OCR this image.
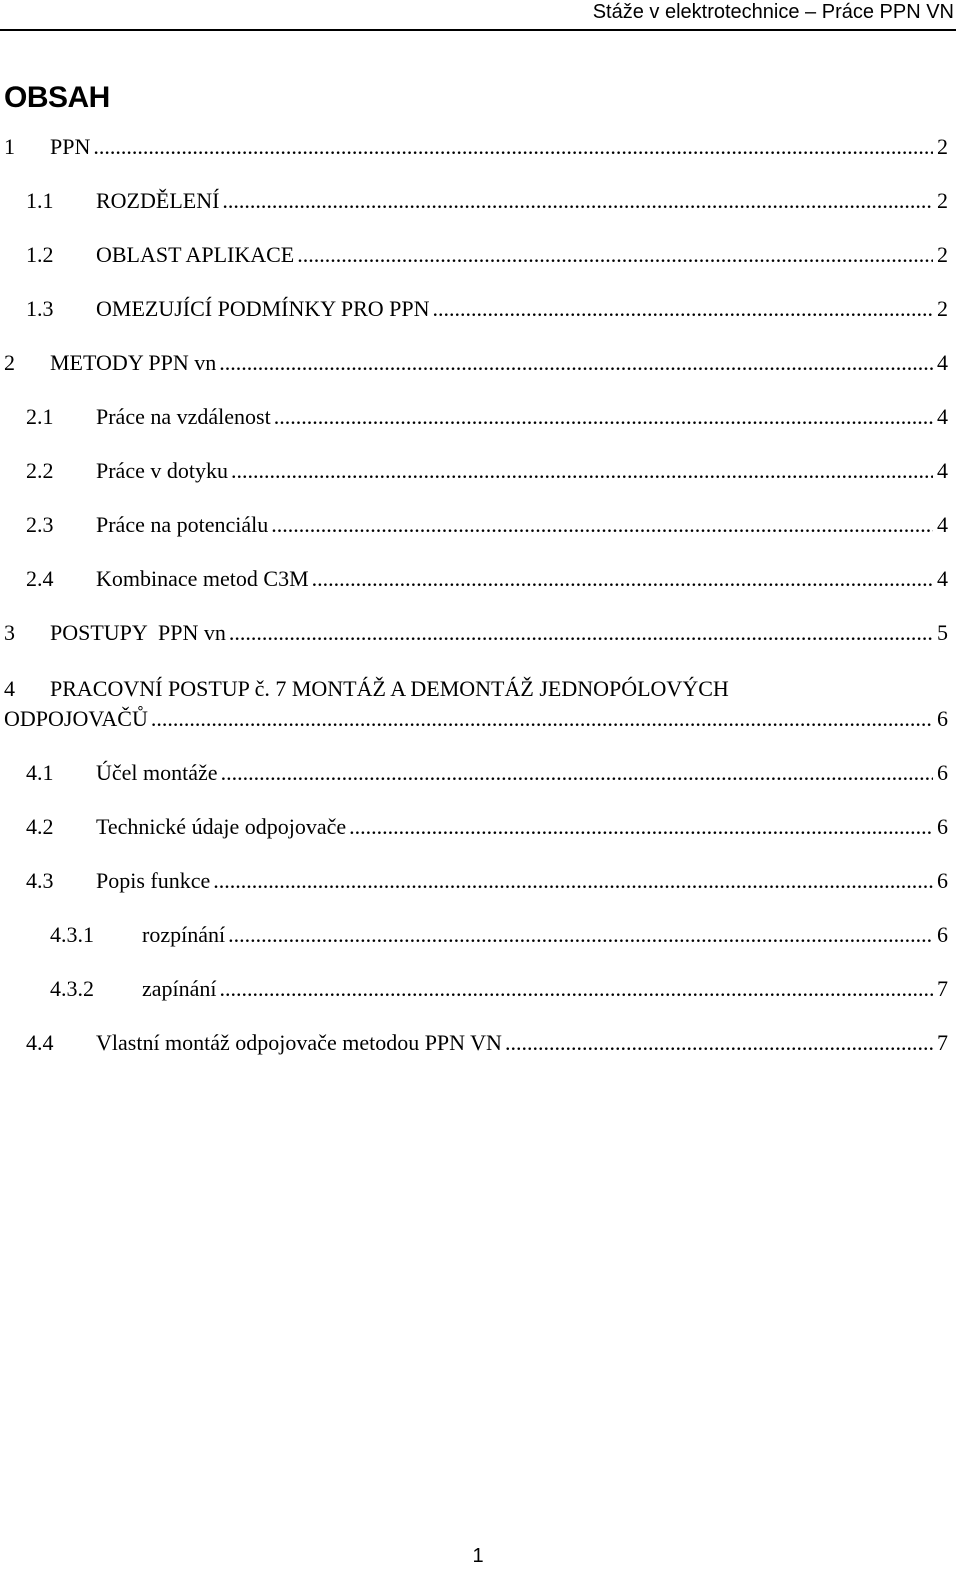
Stáže v elektrotechnice – Práce PPN VN
OBSAH
1	PPN .....	2
1.1	ROZDĚLENÍ .....	2
1.2	OBLAST APLIKACE .....	2
1.3	OMEZUJÍCÍ PODMÍNKY PRO PPN .....	2
2	METODY PPN vn .....	4
2.1	Práce na vzdálenost .....	4
2.2	Práce v dotyku .....	4
2.3	Práce na potenciálu .....	4
2.4	Kombinace metod C3M .....	4
3	POSTUPY  PPN vn .....	5
4 PRACOVNÍ POSTUP č. 7 MONTÁŽ A DEMONTÁŽ JEDNOPÓLOVÝCH
ODPOJOVAČŮ .....	6
4.1	Účel montáže .....	6
4.2	Technické údaje odpojovače .....	6
4.3	Popis funkce .....	6
4.3.1	rozpínání .....	6
4.3.2	zapínání .....	7
4.4	Vlastní montáž odpojovače metodou PPN VN .....	7
1
